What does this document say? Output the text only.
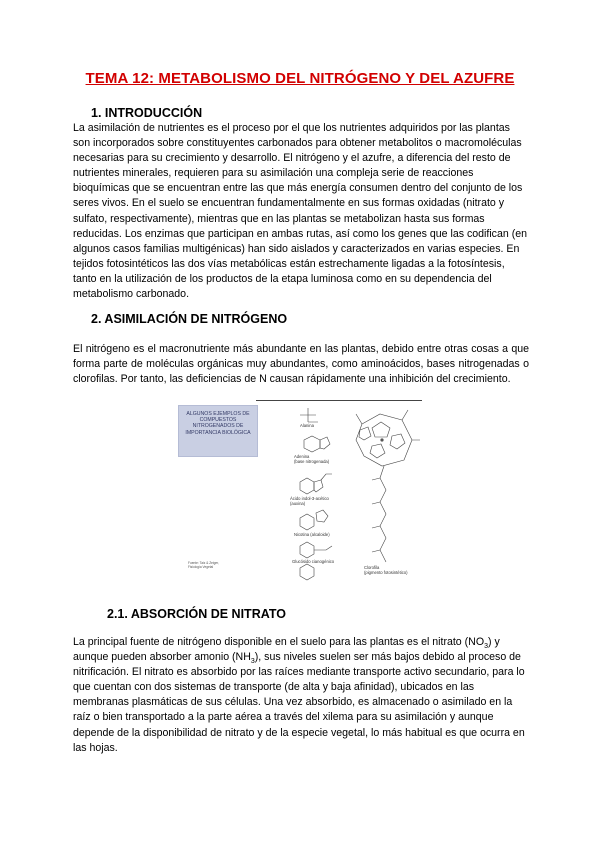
TEMA 12: METABOLISMO DEL NITRÓGENO Y DEL AZUFRE
1. INTRODUCCIÓN
La asimilación de nutrientes es el proceso por el que los nutrientes adquiridos por las plantas son incorporados sobre constituyentes carbonados para obtener metabolitos o macromoléculas necesarias para su crecimiento y desarrollo. El nitrógeno y el azufre, a diferencia del resto de nutrientes minerales, requieren para su asimilación una compleja serie de reacciones bioquímicas que se encuentran entre las que más energía consumen dentro del conjunto de los seres vivos. En el suelo se encuentran fundamentalmente en sus formas oxidadas (nitrato y sulfato, respectivamente), mientras que en las plantas se metabolizan hasta sus formas reducidas. Los enzimas que participan en ambas rutas, así como los genes que las codifican (en algunos casos familias multigénicas) han sido aislados y caracterizados en varias especies. En tejidos fotosintéticos las dos vías metabólicas están estrechamente ligadas a la fotosíntesis, tanto en la utilización de los productos de la etapa luminosa como en su dependencia del metabolismo carbonado.
2. ASIMILACIÓN DE NITRÓGENO
El nitrógeno es el macronutriente más abundante en las plantas, debido entre otras cosas a que forma parte de moléculas orgánicas muy abundantes, como aminoácidos, bases nitrogenadas o clorofilas. Por tanto, las deficiencias de N causan rápidamente una inhibición del crecimiento.
ALGUNOS EJEMPLOS DE COMPUESTOS NITROGENADOS DE IMPORTANCIA BIOLÓGICA
Alanina
Adenina
(base nitrogenada)
Ácido indol-3-acético
(auxina)
Nicotina (alcaloide)
Glucósido cianogénico
Clorofila
(pigmento fotosintético)
Fuente: Taiz & Zeiger, Fisiología Vegetal
2.1. ABSORCIÓN DE NITRATO
La principal fuente de nitrógeno disponible en el suelo para las plantas es el nitrato $(NO_3)$ y aunque pueden absorber amonio $(NH_3)$, sus niveles suelen ser más bajos debido al proceso de nitrificación. El nitrato es absorbido por las raíces mediante transporte activo secundario, para lo que cuentan con dos sistemas de transporte (de alta y baja afinidad), ubicados en las membranas plasmáticas de sus células. Una vez absorbido, es almacenado o asimilado en la raíz o bien transportado a la parte aérea a través del xilema para su asimilación y aunque depende de la disponibilidad de nitrato y de la especie vegetal, lo más habitual es que ocurra en las hojas.
